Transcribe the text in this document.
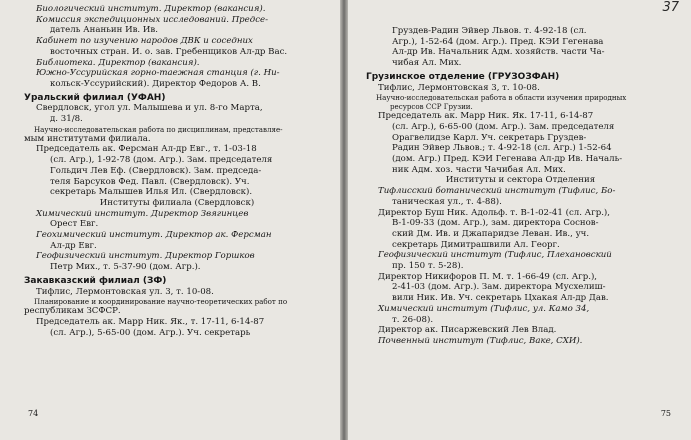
Биологический институт. Директор (вакансия).
Комиссия экспедиционных исследований. Предсе-
датель Ананьин Ив. Ив.
Кабинет по изучению народов ДВК и соседних
восточных стран. И. о. зав. Гребенщиков Ал-др Вас.
Библиотека. Директор (вакансия).
Южно-Уссурийская горно-таежная станция (г. Ни-
кольск-Уссурийский). Директор Федоров А. В.
Уральский филиал (УФАН)
Свердловск, угол ул. Малышева и ул. 8-го Марта,
д. 31/8.
Научно-исследовательская работа по дисциплинам, представляе-
мым институтами филиала.
Председатель ак. Ферсман Ал-др Евг., т. 1-03-18
(сл. Агр.), 1-92-78 (дом. Агр.). Зам. председателя
Гольдич Лев Еф. (Свердловск). Зам. председа-
теля Барсуков Фед. Павл. (Свердловск). Уч.
секретарь Малышев Илья Ил. (Свердловск).
Институты филиала (Свердловск)
Химический институт. Директор Звягинцев
Орест Евг.
Геохимический институт. Директор ак. Ферсман
Ал-др Евг.
Геофизический институт. Директор Горшков
Петр Мих., т. 5-37-90 (дом. Агр.).
Закавказский филиал (ЗФ)
Тифлис, Лермонтовская ул. 3, т. 10-08.
Планирование и координирование научно-теоретических работ по
республикам ЗСФСР.
Председатель ак. Марр Ник. Як., т. 17-11, 6-14-87
(сл. Агр.), 5-65-00 (дом. Агр.). Уч. секретарь
74
37
Груздев-Радин Эйвер Львов. т. 4-92-18 (сл.
Агр.), 1-52-64 (дом. Агр.). Пред. КЭИ Гегенава
Ал-др Ив. Начальник Адм. хозяйств. части Ча-
чибая Ал. Мих.
Грузинское отделение (ГРУЗОЗФАН)
Тифлис, Лермонтовская 3, т. 10-08.
Научно-исследовательская работа в области изучения природных
ресурсов ССР Грузии.
Председатель ак. Марр Ник. Як. 17-11, 6-14-87
(сл. Агр.), 6-65-00 (дом. Агр.). Зам. председателя
Орагвелидзе Карл. Уч. секретарь Груздев-
Радин Эйвер Львов.; т. 4-92-18 (сл. Агр.) 1-52-64
(дом. Агр.) Пред. КЭИ Гегенава Ал-др Ив. Началь-
ник Адм. хоз. части Чачибая Ал. Мих.
Институты и сектора Отделения
Тифлисский ботанический институт (Тифлис, Бо-
таническая ул., т. 4-88).
Директор Буш Ник. Адольф. т. В-1-02-41 (сл. Агр.),
В-1-09-33 (дом. Агр.), зам. директора Соснов-
ский Дм. Ив. и Джапаридзе Леван. Ив., уч.
секретарь Димитрашвили Ал. Георг.
Геофизический институт (Тифлис, Плехановский
пр. 150 т. 5-28).
Директор Никифоров П. М. т. 1-66-49 (сл. Агр.),
2-41-03 (дом. Агр.). Зам. директора Мусхелиш-
вили Ник. Ив. Уч. секретарь Цхакая Ал-др Дав.
Химический институт (Тифлис, ул. Камо 34,
т. 26-08).
Директор ак. Писаржевский Лев Влад.
Почвенный институт (Тифлис, Ваке, СХИ).
75
